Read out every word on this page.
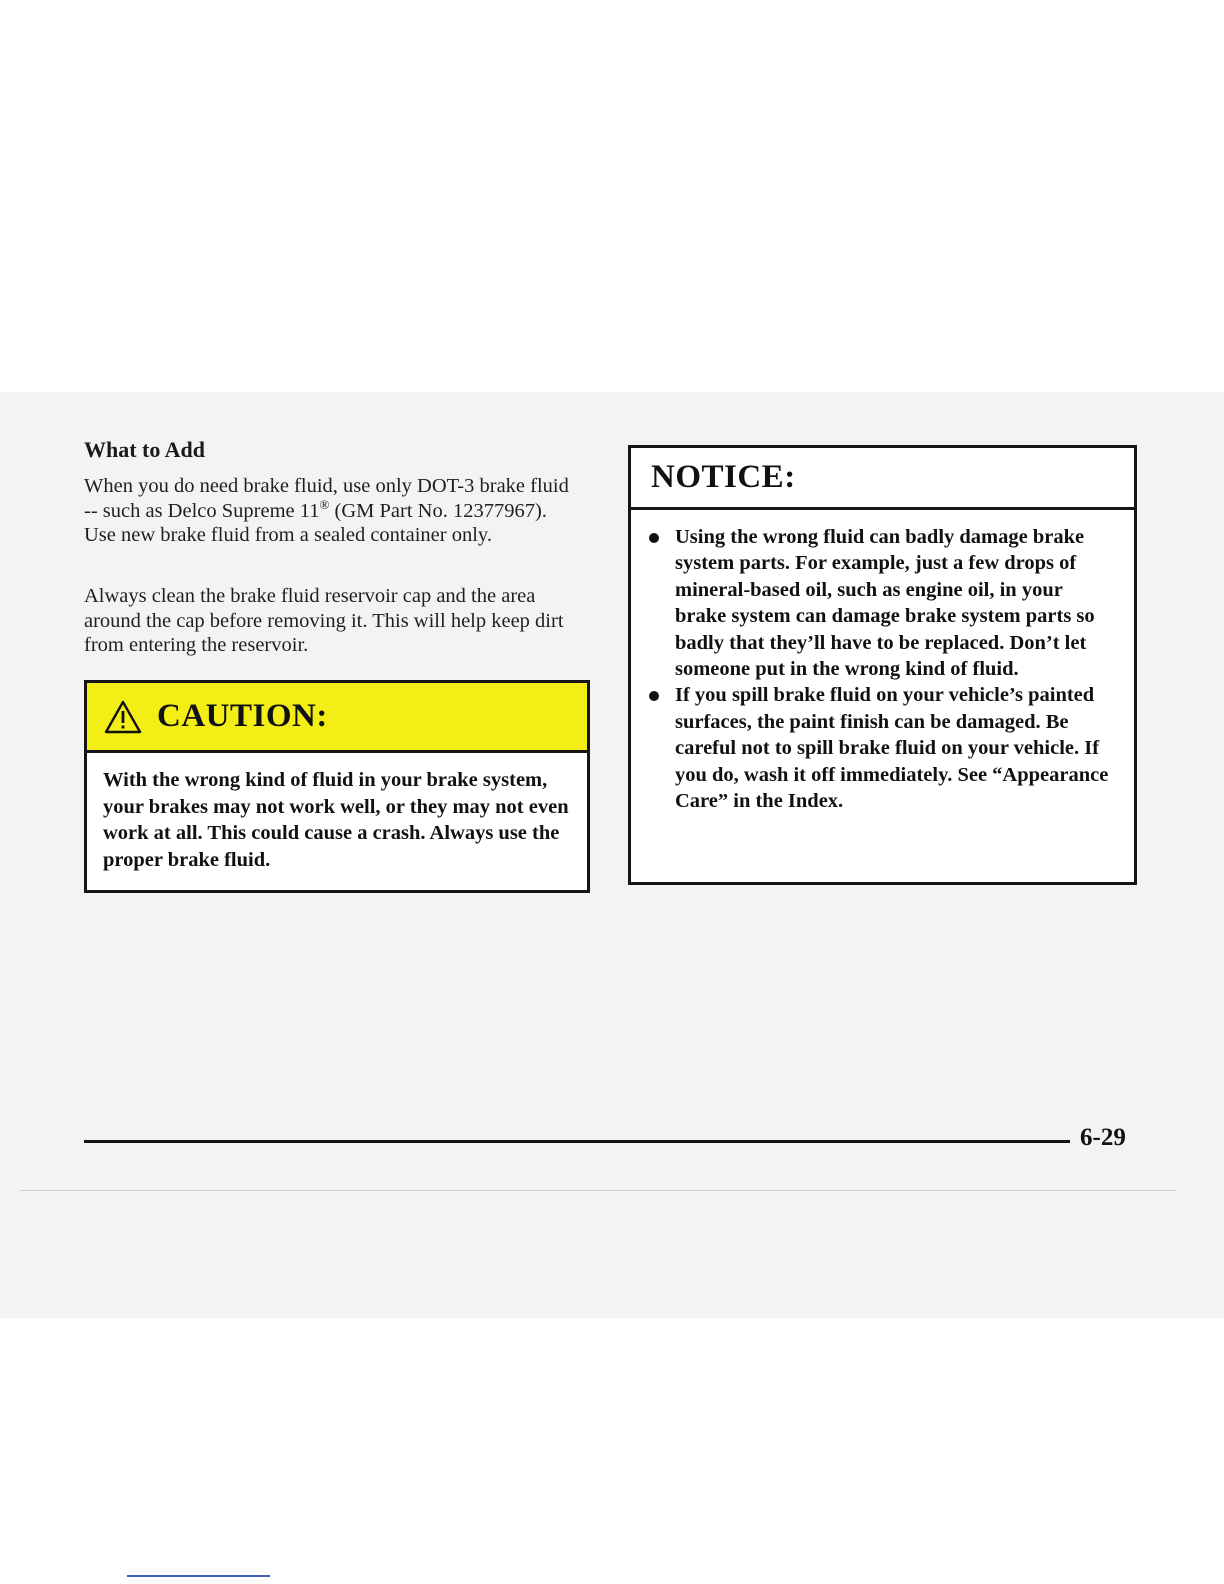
What to Add

When you do need brake fluid, use only DOT-3 brake fluid -- such as Delco Supreme 11® (GM Part No. 12377967). Use new brake fluid from a sealed container only.

Always clean the brake fluid reservoir cap and the area around the cap before removing it. This will help keep dirt from entering the reservoir.

CAUTION:

With the wrong kind of fluid in your brake system, your brakes may not work well, or they may not even work at all. This could cause a crash. Always use the proper brake fluid.

NOTICE:
Using the wrong fluid can badly damage brake system parts. For example, just a few drops of mineral-based oil, such as engine oil, in your brake system can damage brake system parts so badly that they’ll have to be replaced. Don’t let someone put in the wrong kind of fluid.
If you spill brake fluid on your vehicle’s painted surfaces, the paint finish can be damaged. Be careful not to spill brake fluid on your vehicle. If you do, wash it off immediately. See “Appearance Care” in the Index.
6-29
